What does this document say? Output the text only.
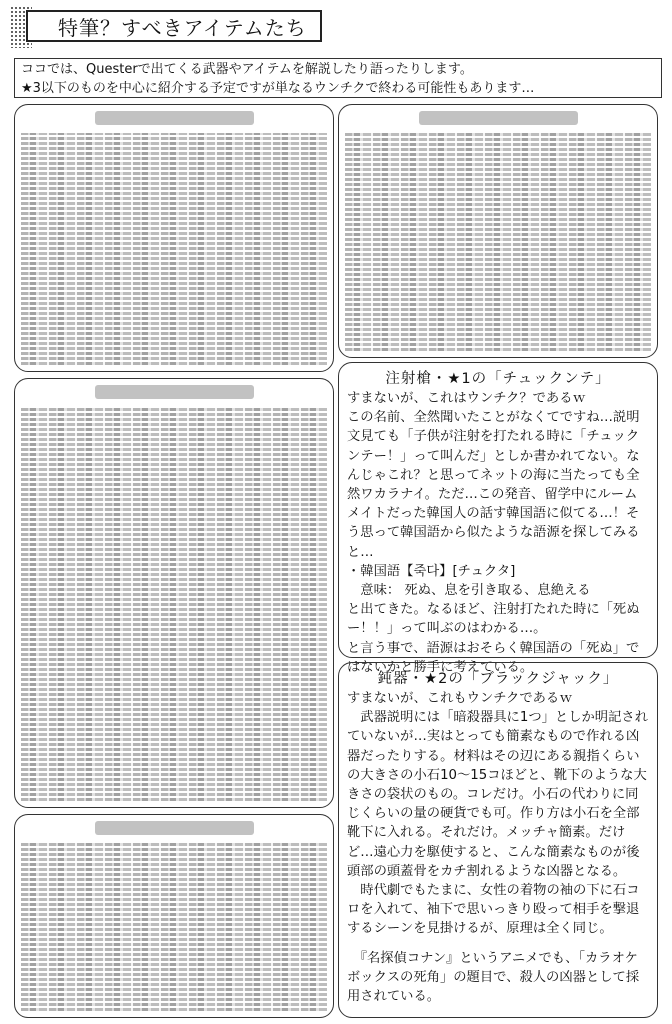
特筆？すべきアイテムたち
ココでは、Questerで出てくる武器やアイテムを解説したり語ったりします。
★3以下のものを中心に紹介する予定ですが単なるウンチクで終わる可能性もあります…
注射槍・★1の「チュックンテ」

すまないが、これはウンチク？であるｗ

この名前、全然聞いたことがなくてですね…説明文見ても「子供が注射を打たれる時に「チュックンテー！」って叫んだ」としか書かれてない。なんじゃこれ？と思ってネットの海に当たっても全然ワカラナイ。ただ…この発音、留学中にルームメイトだった韓国人の話す韓国語に似てる…！そう思って韓国語から似たような語源を探してみると…

・韓国語【죽다】[チュクタ]

　意味： 死ぬ、息を引き取る、息絶える

と出てきた。なるほど、注射打たれた時に「死ぬー！！」って叫ぶのはわかる…。

と言う事で、語源はおそらく韓国語の「死ぬ」ではないかと勝手に考えている。

鈍器・★2の「ブラックジャック」

すまないが、これもウンチクであるｗ

　武器説明には「暗殺器具に1つ」としか明記されていないが…実はとっても簡素なもので作れる凶器だったりする。材料はその辺にある親指くらいの大きさの小石10～15コほどと、靴下のような大きさの袋状のもの。コレだけ。小石の代わりに同じくらいの量の硬貨でも可。作り方は小石を全部靴下に入れる。それだけ。メッチャ簡素。だけど…遠心力を駆使すると、こんな簡素なものが後頭部の頭蓋骨をカチ割れるような凶器となる。

　時代劇でもたまに、女性の着物の袖の下に石コロを入れて、袖下で思いっきり殴って相手を撃退するシーンを見掛けるが、原理は全く同じ。

　『名探偵コナン』というアニメでも、「カラオケボックスの死角」の題目で、殺人の凶器として採用されている。
